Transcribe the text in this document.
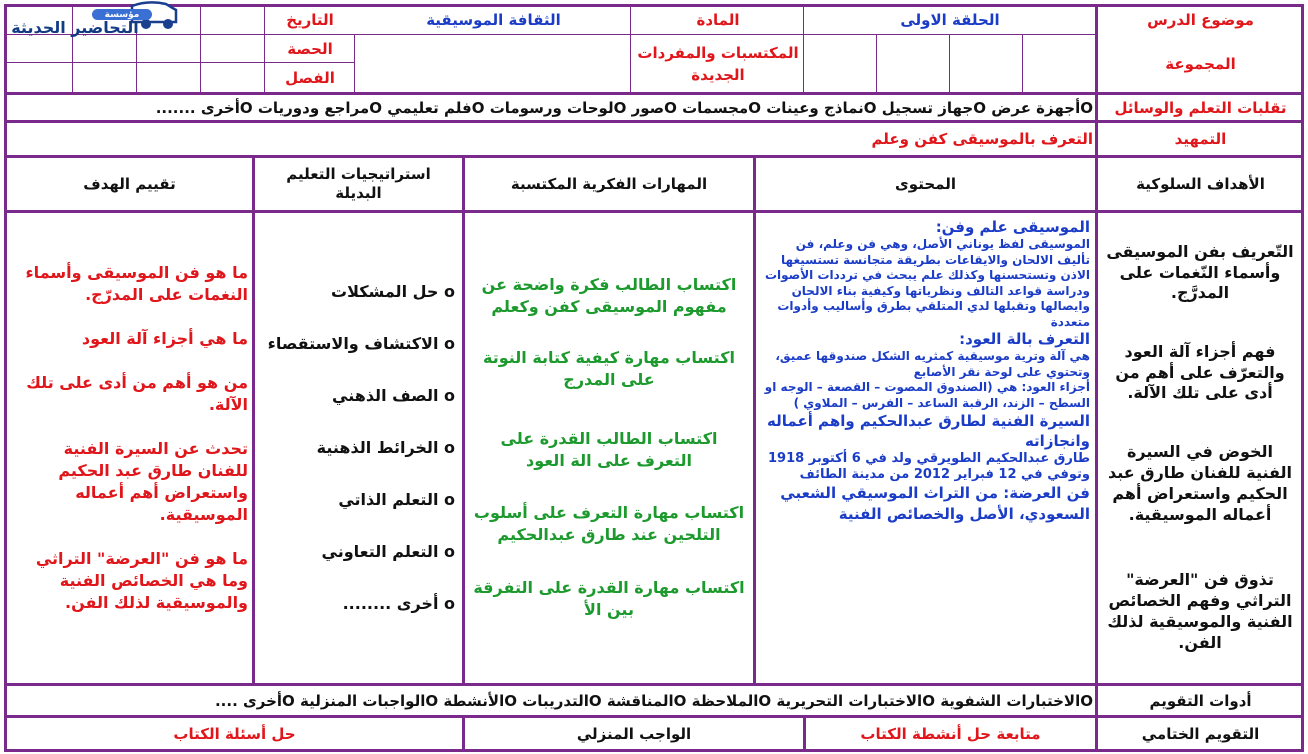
موضوع الدرس
الحلقة الاولى
المادة
الثقافة الموسيقية
التاريخ
المجموعة
المكتسبات والمفردات الجديدة
الحصة
الفصل
مؤسسة
التحاضير الحديثة
تقلبات التعلم والوسائل
Oأجهزة عرض Oجهاز تسجيل Oنماذج وعينات Oمجسمات Oصور Oلوحات ورسومات Oفلم تعليمي Oمراجع ودوريات Oأخرى .......
التمهيد
التعرف بالموسيقى كفن وعلم
الأهداف السلوكية
المحتوى
المهارات الفكرية المكتسبة
استراتيجيات التعليم البديلة
تقييم الهدف
التّعريف بفن الموسيقى وأسماء النّغمات على المدرَّج.
فهم أجزاء آلة العود والتعرّف على أهم من أدى على تلك الآلة.
الخوض في السيرة الفنية للفنان طارق عبد الحكيم واستعراض أهم أعماله الموسيقية.
تذوق فن "العرضة" التراثي وفهم الخصائص الفنية والموسيقية لذلك الفن.

الموسيقى علم وفن:

الموسيقى لفظ يوناني الأصل، وهي فن وعلم، فن تأليف الالحان والايقاعات بطريقة متجانسة تستسيغها الاذن وتستحسنها وكذلك علم يبحث في ترددات الأصوات ودراسة قواعد التالف ونظرياتها وكيفية بناء الالحان وايصالها وتقبلها لدي المتلقي بطرق وأساليب وأدوات متعددة

التعرف بالة العود:

هي آلة وترية موسيقية كمثريه الشكل صندوقها عميق، وتحتوي على لوحة نقر الأصابع

أجزاء العود: هي (الصندوق المصوت – القصعة – الوجه او السطح – الزند، الرقبة الساعد – الفرس – الملاوي )

السيرة الفنية لطارق عبدالحكيم واهم أعماله وانجازاته

طارق عبدالحكيم الطويرقي ولد في 6 أكتوبر 1918 وتوفي في 12 فبراير 2012 من مدينة الطائف

فن العرضة: من التراث الموسيقي الشعبي السعودي، الأصل والخصائص الفنية

اكتساب الطالب فكرة واضحة عن مفهوم الموسيقى كفن وكعلم
اكتساب مهارة كيفية كتابة النوتة على المدرج
اكتساب الطالب القدرة على التعرف على الة العود
اكتساب مهارة التعرف على أسلوب التلحين عند طارق عبدالحكيم
اكتساب مهارة القدرة على التفرقة بين الأ
o حل المشكلات
o الاكتشاف والاستقصاء
o الصف الذهني
o الخرائط الذهنية
o التعلم الذاتي
o التعلم التعاوني
o أخرى ........
ما هو فن الموسيقى وأسماء النغمات على المدرّج.
ما هي أجزاء آلة العود
من هو أهم من أدى على تلك الآلة.
تحدث عن السيرة الفنية للفنان طارق عبد الحكيم واستعراض أهم أعماله الموسيقية.
ما هو فن "العرضة" التراثي وما هي الخصائص الفنية والموسيقية لذلك الفن.
أدوات التقويم
Oالاختبارات الشفوية Oالاختبارات التحريرية Oالملاحظة Oالمناقشة Oالتدريبات Oالأنشطة Oالواجبات المنزلية Oأخرى ....
التقويم الختامي
متابعة حل أنشطة الكتاب
الواجب المنزلي
حل أسئلة الكتاب
